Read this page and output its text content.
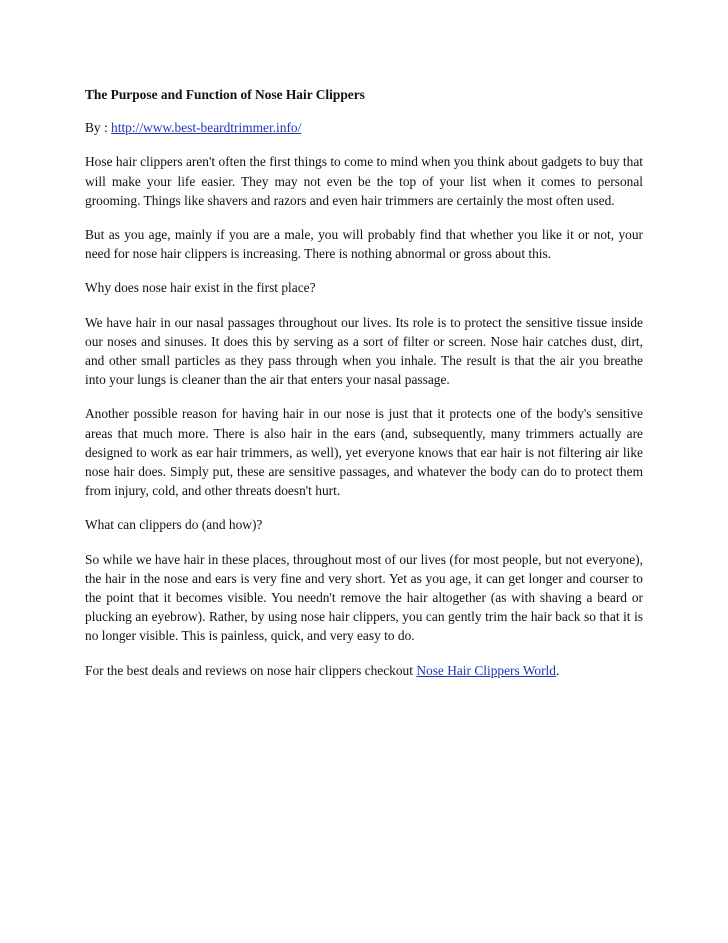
The Purpose and Function of Nose Hair Clippers

By : http://www.best-beardtrimmer.info/

Hose hair clippers aren't often the first things to come to mind when you think about gadgets to buy that will make your life easier. They may not even be the top of your list when it comes to personal grooming. Things like shavers and razors and even hair trimmers are certainly the most often used.

But as you age, mainly if you are a male, you will probably find that whether you like it or not, your need for nose hair clippers is increasing. There is nothing abnormal or gross about this.

Why does nose hair exist in the first place?

We have hair in our nasal passages throughout our lives. Its role is to protect the sensitive tissue inside our noses and sinuses. It does this by serving as a sort of filter or screen. Nose hair catches dust, dirt, and other small particles as they pass through when you inhale. The result is that the air you breathe into your lungs is cleaner than the air that enters your nasal passage.

Another possible reason for having hair in our nose is just that it protects one of the body's sensitive areas that much more. There is also hair in the ears (and, subsequently, many trimmers actually are designed to work as ear hair trimmers, as well), yet everyone knows that ear hair is not filtering air like nose hair does. Simply put, these are sensitive passages, and whatever the body can do to protect them from injury, cold, and other threats doesn't hurt.

What can clippers do (and how)?

So while we have hair in these places, throughout most of our lives (for most people, but not everyone), the hair in the nose and ears is very fine and very short. Yet as you age, it can get longer and courser to the point that it becomes visible. You needn't remove the hair altogether (as with shaving a beard or plucking an eyebrow). Rather, by using nose hair clippers, you can gently trim the hair back so that it is no longer visible. This is painless, quick, and very easy to do.

For the best deals and reviews on nose hair clippers checkout Nose Hair Clippers World.
